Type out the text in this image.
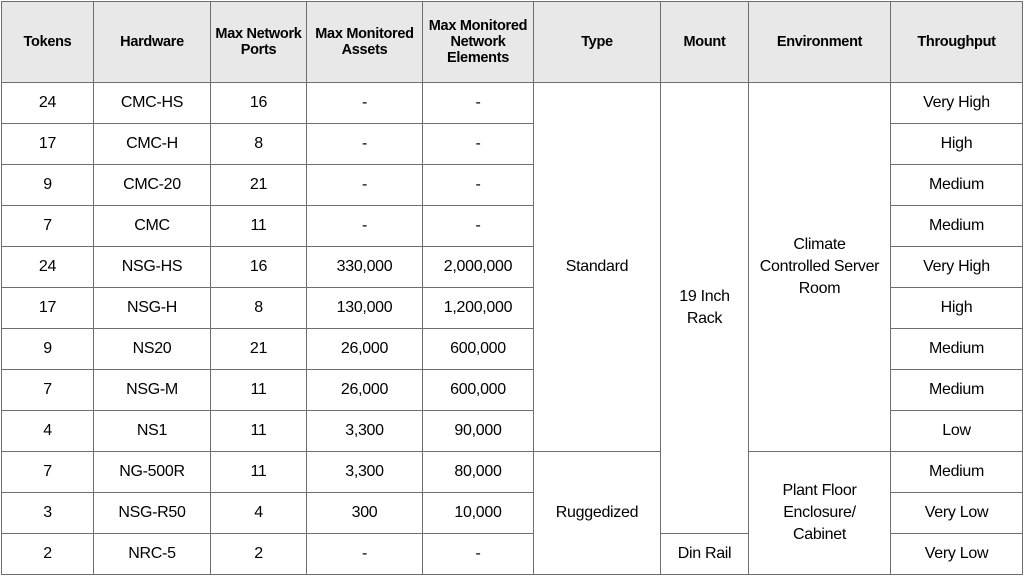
Tokens	Hardware	Max Network Ports	Max Monitored Assets	Max Monitored Network Elements	Type	Mount	Environment	Throughput
24	CMC-HS	16	-	-	Standard	19 Inch Rack	Climate Controlled Server Room	Very High
17	CMC-H	8	-	-				High
9	CMC-20	21	-	-				Medium
7	CMC	11	-	-				Medium
24	NSG-HS	16	330,000	2,000,000				Very High
17	NSG-H	8	130,000	1,200,000				High
9	NS20	21	26,000	600,000				Medium
7	NSG-M	11	26,000	600,000				Medium
4	NS1	11	3,300	90,000				Low
7	NG-500R	11	3,300	80,000	Ruggedized		Plant Floor Enclosure/ Cabinet	Medium
3	NSG-R50	4	300	10,000				Very Low
2	NRC-5	2	-	-		Din Rail		Very Low
